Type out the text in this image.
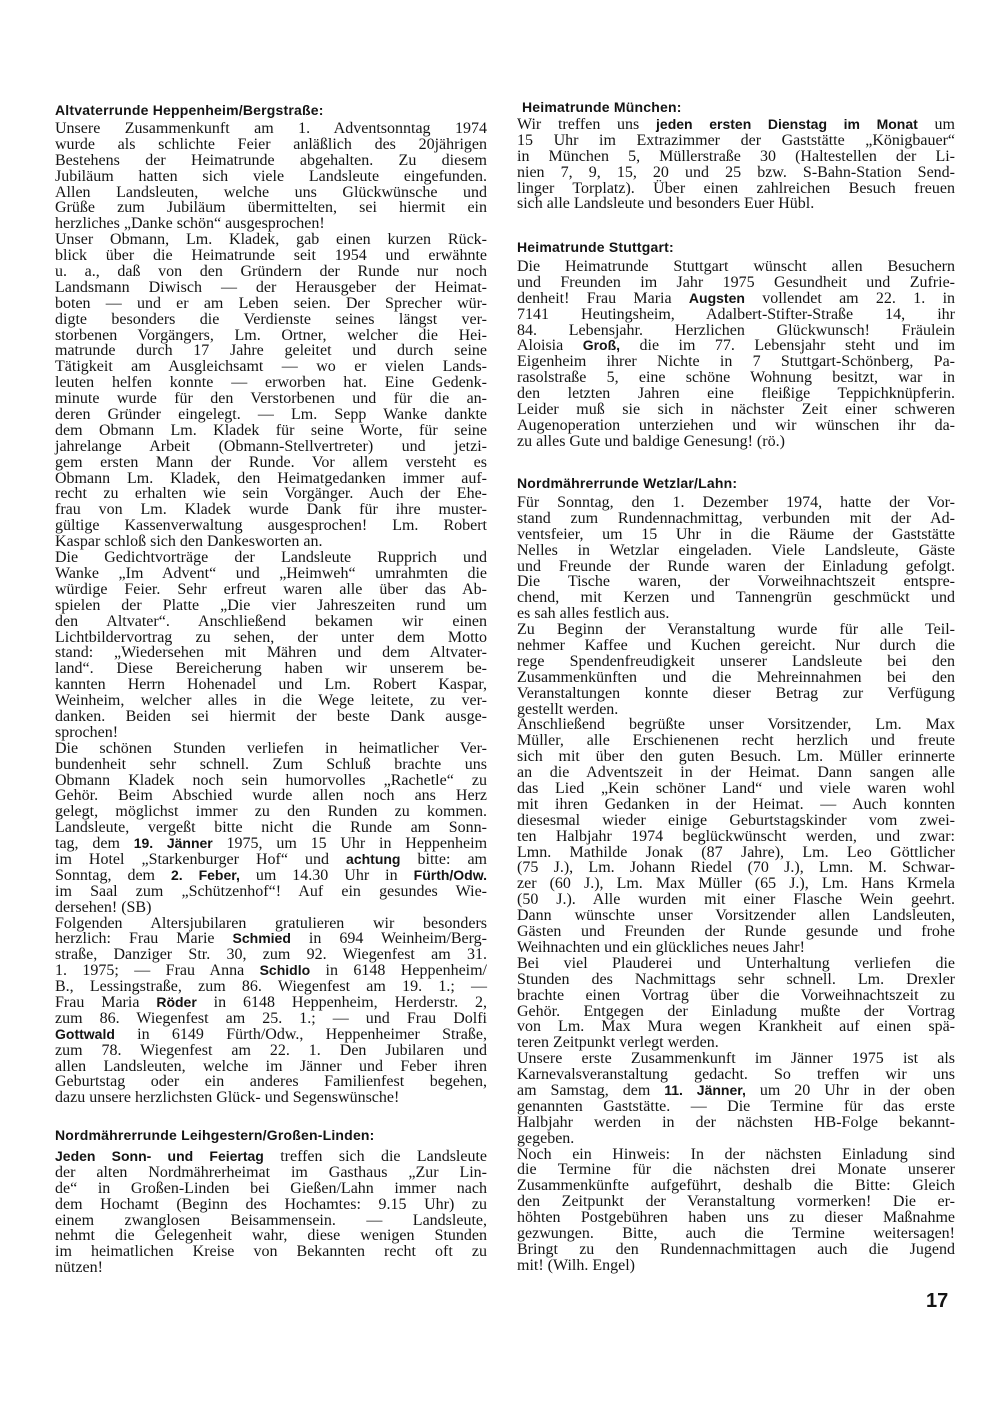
Altvaterrunde Heppenheim/Bergstraße:
Unsere Zusammenkunft am 1. Adventsonntag 1974
wurde als schlichte Feier anläßlich des 20jährigen
Bestehens der Heimatrunde abgehalten. Zu diesem
Jubiläum hatten sich viele Landsleute eingefunden.
Allen Landsleuten, welche uns Glückwünsche und
Grüße zum Jubiläum übermittelten, sei hiermit ein
herzliches „Danke schön“ ausgesprochen!
Unser Obmann, Lm. Kladek, gab einen kurzen Rück-
blick über die Heimatrunde seit 1954 und erwähnte
u. a., daß von den Gründern der Runde nur noch
Landsmann Diwisch — der Herausgeber der Heimat-
boten — und er am Leben seien. Der Sprecher wür-
digte besonders die Verdienste seines längst ver-
storbenen Vorgängers, Lm. Ortner, welcher die Hei-
matrunde durch 17 Jahre geleitet und durch seine
Tätigkeit am Ausgleichsamt — wo er vielen Lands-
leuten helfen konnte — erworben hat. Eine Gedenk-
minute wurde für den Verstorbenen und für die an-
deren Gründer eingelegt. — Lm. Sepp Wanke dankte
dem Obmann Lm. Kladek für seine Worte, für seine
jahrelange Arbeit (Obmann-Stellvertreter) und jetzi-
gem ersten Mann der Runde. Vor allem versteht es
Obmann Lm. Kladek, den Heimatgedanken immer auf-
recht zu erhalten wie sein Vorgänger. Auch der Ehe-
frau von Lm. Kladek wurde Dank für ihre muster-
gültige Kassenverwaltung ausgesprochen! Lm. Robert
Kaspar schloß sich den Dankesworten an.
Die Gedichtvorträge der Landsleute Rupprich und
Wanke „Im Advent“ und „Heimweh“ umrahmten die
würdige Feier. Sehr erfreut waren alle über das Ab-
spielen der Platte „Die vier Jahreszeiten rund um
den Altvater“. Anschließend bekamen wir einen
Lichtbildervortrag zu sehen, der unter dem Motto
stand: „Wiedersehen mit Mähren und dem Altvater-
land“. Diese Bereicherung haben wir unserem be-
kannten Herrn Hohenadel und Lm. Robert Kaspar,
Weinheim, welcher alles in die Wege leitete, zu ver-
danken. Beiden sei hiermit der beste Dank ausge-
sprochen!
Die schönen Stunden verliefen in heimatlicher Ver-
bundenheit sehr schnell. Zum Schluß brachte uns
Obmann Kladek noch sein humorvolles „Rachetle“ zu
Gehör. Beim Abschied wurde allen noch ans Herz
gelegt, möglichst immer zu den Runden zu kommen.
Landsleute, vergeßt bitte nicht die Runde am Sonn-
tag, dem 19. Jänner 1975, um 15 Uhr in Heppenheim
im Hotel „Starkenburger Hof“ und achtung bitte: am
Sonntag, dem 2. Feber, um 14.30 Uhr in Fürth/Odw.
im Saal zum „Schützenhof“! Auf ein gesundes Wie-
dersehen! (SB)
Folgenden Altersjubilaren gratulieren wir besonders
herzlich: Frau Marie Schmied in 694 Weinheim/Berg-
straße, Danziger Str. 30, zum 92. Wiegenfest am 31.
1. 1975; — Frau Anna Schidlo in 6148 Heppenheim/
B., Lessingstraße, zum 86. Wiegenfest am 19. 1.; —
Frau Maria Röder in 6148 Heppenheim, Herderstr. 2,
zum 86. Wiegenfest am 25. 1.; — und Frau Dolfi
Gottwald in 6149 Fürth/Odw., Heppenheimer Straße,
zum 78. Wiegenfest am 22. 1. Den Jubilaren und
allen Landsleuten, welche im Jänner und Feber ihren
Geburtstag oder ein anderes Familienfest begehen,
dazu unsere herzlichsten Glück- und Segenswünsche!
Nordmährerrunde Leihgestern/Großen-Linden:
Jeden Sonn- und Feiertag treffen sich die Landsleute
der alten Nordmährerheimat im Gasthaus „Zur Lin-
de“ in Großen-Linden bei Gießen/Lahn immer nach
dem Hochamt (Beginn des Hochamtes: 9.15 Uhr) zu
einem zwanglosen Beisammensein. — Landsleute,
nehmt die Gelegenheit wahr, diese wenigen Stunden
im heimatlichen Kreise von Bekannten recht oft zu
nützen!
Heimatrunde München:
Wir treffen uns jeden ersten Dienstag im Monat um
15 Uhr im Extrazimmer der Gaststätte „Königbauer“
in München 5, Müllerstraße 30 (Haltestellen der Li-
nien 7, 9, 15, 20 und 25 bzw. S-Bahn-Station Send-
linger Torplatz). Über einen zahlreichen Besuch freuen
sich alle Landsleute und besonders Euer Hübl.
Heimatrunde Stuttgart:
Die Heimatrunde Stuttgart wünscht allen Besuchern
und Freunden im Jahr 1975 Gesundheit und Zufrie-
denheit! Frau Maria Augsten vollendet am 22. 1. in
7141 Heutingsheim, Adalbert-Stifter-Straße 14, ihr
84. Lebensjahr. Herzlichen Glückwunsch! Fräulein
Aloisia Groß, die im 77. Lebensjahr steht und im
Eigenheim ihrer Nichte in 7 Stuttgart-Schönberg, Pa-
rasolstraße 5, eine schöne Wohnung besitzt, war in
den letzten Jahren eine fleißige Teppichknüpferin.
Leider muß sie sich in nächster Zeit einer schweren
Augenoperation unterziehen und wir wünschen ihr da-
zu alles Gute und baldige Genesung! (rö.)
Nordmährerrunde Wetzlar/Lahn:
Für Sonntag, den 1. Dezember 1974, hatte der Vor-
stand zum Rundennachmittag, verbunden mit der Ad-
ventsfeier, um 15 Uhr in die Räume der Gaststätte
Nelles in Wetzlar eingeladen. Viele Landsleute, Gäste
und Freunde der Runde waren der Einladung gefolgt.
Die Tische waren, der Vorweihnachtszeit entspre-
chend, mit Kerzen und Tannengrün geschmückt und
es sah alles festlich aus.
Zu Beginn der Veranstaltung wurde für alle Teil-
nehmer Kaffee und Kuchen gereicht. Nur durch die
rege Spendenfreudigkeit unserer Landsleute bei den
Zusammenkünften und die Mehreinnahmen bei den
Veranstaltungen konnte dieser Betrag zur Verfügung
gestellt werden.
Anschließend begrüßte unser Vorsitzender, Lm. Max
Müller, alle Erschienenen recht herzlich und freute
sich mit über den guten Besuch. Lm. Müller erinnerte
an die Adventszeit in der Heimat. Dann sangen alle
das Lied „Kein schöner Land“ und viele waren wohl
mit ihren Gedanken in der Heimat. — Auch konnten
diesesmal wieder einige Geburtstagskinder vom zwei-
ten Halbjahr 1974 beglückwünscht werden, und zwar:
Lmn. Mathilde Jonak (87 Jahre), Lm. Leo Göttlicher
(75 J.), Lm. Johann Riedel (70 J.), Lmn. M. Schwar-
zer (60 J.), Lm. Max Müller (65 J.), Lm. Hans Krmela
(50 J.). Alle wurden mit einer Flasche Wein geehrt.
Dann wünschte unser Vorsitzender allen Landsleuten,
Gästen und Freunden der Runde gesunde und frohe
Weihnachten und ein glückliches neues Jahr!
Bei viel Plauderei und Unterhaltung verliefen die
Stunden des Nachmittags sehr schnell. Lm. Drexler
brachte einen Vortrag über die Vorweihnachtszeit zu
Gehör. Entgegen der Einladung mußte der Vortrag
von Lm. Max Mura wegen Krankheit auf einen spä-
teren Zeitpunkt verlegt werden.
Unsere erste Zusammenkunft im Jänner 1975 ist als
Karnevalsveranstaltung gedacht. So treffen wir uns
am Samstag, dem 11. Jänner, um 20 Uhr in der oben
genannten Gaststätte. — Die Termine für das erste
Halbjahr werden in der nächsten HB-Folge bekannt-
gegeben.
Noch ein Hinweis: In der nächsten Einladung sind
die Termine für die nächsten drei Monate unserer
Zusammenkünfte aufgeführt, deshalb die Bitte: Gleich
den Zeitpunkt der Veranstaltung vormerken! Die er-
höhten Postgebühren haben uns zu dieser Maßnahme
gezwungen. Bitte, auch die Termine weitersagen!
Bringt zu den Rundennachmittagen auch die Jugend
mit! (Wilh. Engel)
17
